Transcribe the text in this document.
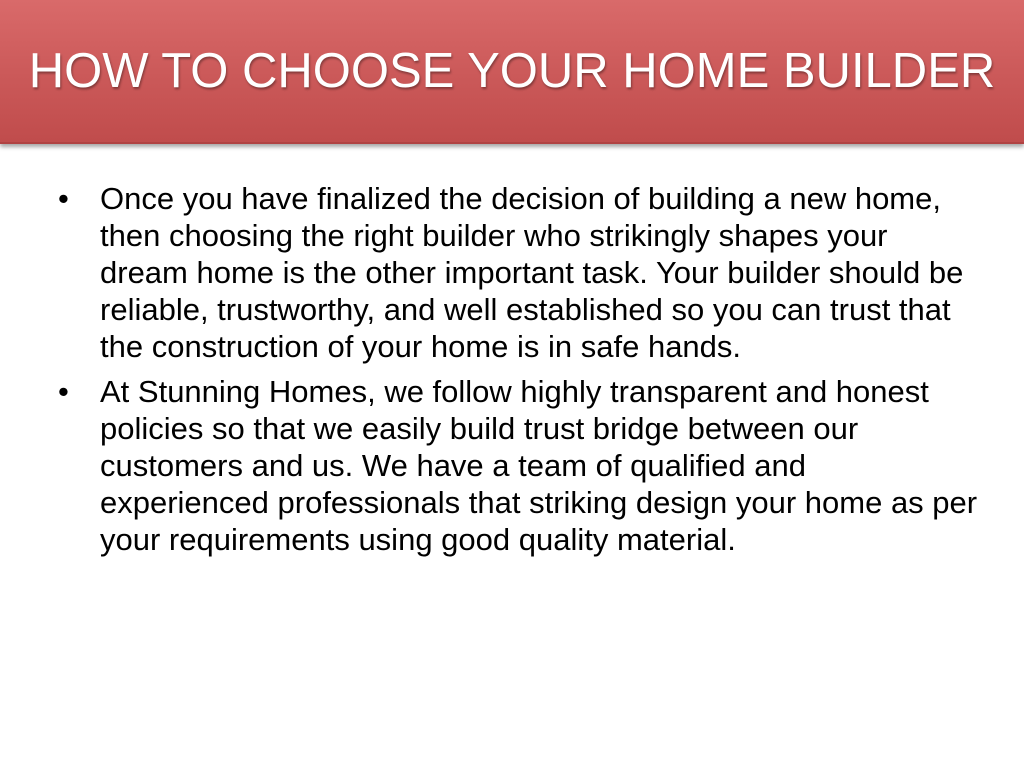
HOW TO CHOOSE YOUR HOME BUILDER
• Once you have finalized the decision of building a new home, then choosing the right builder who strikingly shapes your dream home is the other important task. Your builder should be reliable, trustworthy, and well established so you can trust that the construction of your home is in safe hands.
• At Stunning Homes, we follow highly transparent and honest policies so that we easily build trust bridge between our customers and us. We have a team of qualified and experienced professionals that striking design your home as per your requirements using good quality material.
